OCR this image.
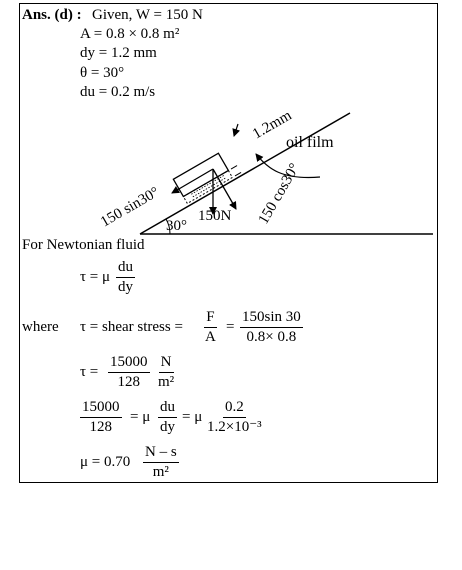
Ans. (d) : Given, W = 150 N
A = 0.8 × 0.8 m²
dy = 1.2 mm
θ = 30°
du = 0.2 m/s
1.2mm
oil film
150 sin30°	150 cos30°
30°
150N
For Newtonian fluid
τ = μ $\frac{du}{dy}$
where τ = shear stress = $\frac{F}{A} = \frac{150\sin 30}{0.8\times 0.8}$
$\tau = \frac{15000}{128} \frac{N}{\text{m²}}$
$\frac{15000}{128} = \mu \frac{du}{dy} = \mu \frac{0.2}{\text{1.2×10⁻³}}$
$\mu = 0.70 \frac{N - s}{\text{m²}}$
